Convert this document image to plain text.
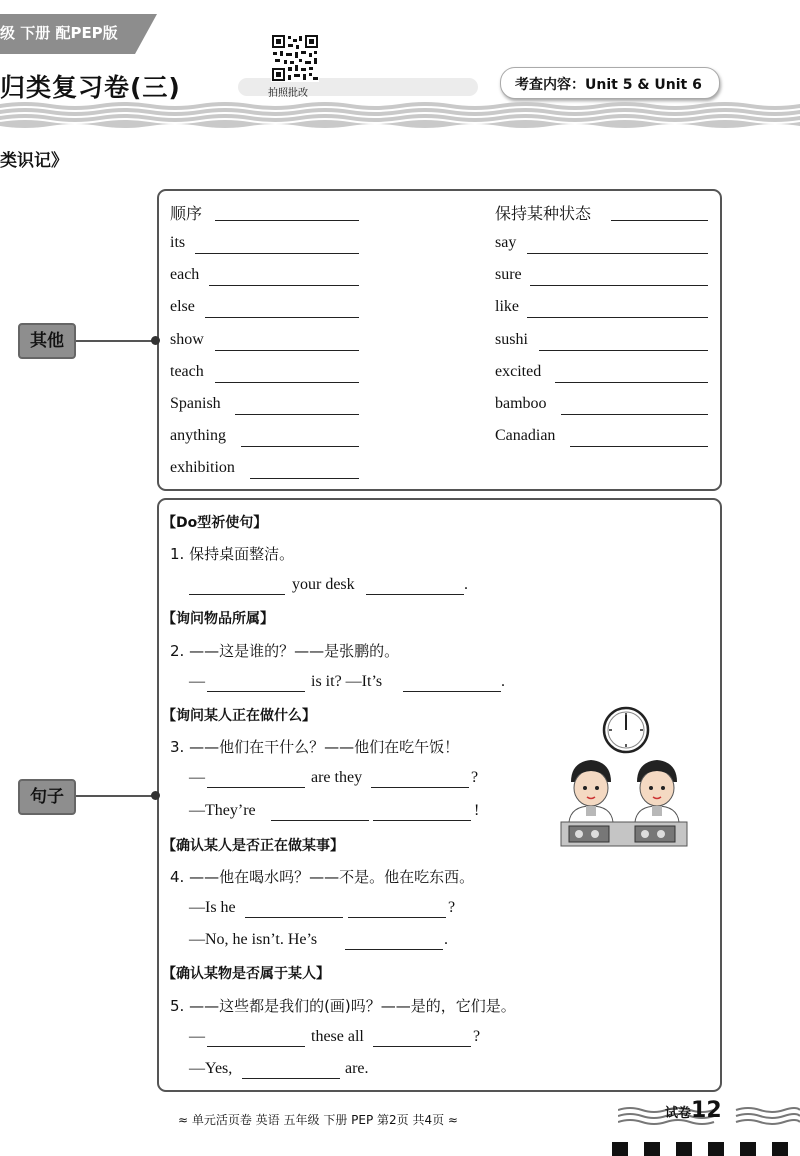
级 下册 配PEP版
归类复习卷(三)	拍照批改
考查内容：Unit 5 & Unit 6
类识记》
其他
顺序
its
each
else
show
teach
Spanish
anything
exhibition
保持某种状态
say
sure
like
sushi
excited
bamboo
Canadian
句子
【Do型祈使句】
1. 保持桌面整洁。
your desk	.
【询问物品所属】
2. ——这是谁的？——是张鹏的。
—	is it? —It’s	.
【询问某人正在做什么】
3. ——他们在干什么？——他们在吃午饭！
—	are they	?
—They’re	!
【确认某人是否正在做某事】
4. ——他在喝水吗？——不是。他在吃东西。
—Is he	?
—No, he isn’t. He’s	.
【确认某物是否属于某人】
5. ——这些都是我们的(画)吗？——是的，它们是。
—	these all	?
—Yes,	are.
≈ 单元活页卷 英语 五年级 下册 PEP 第2页 共4页 ≈	试卷12
